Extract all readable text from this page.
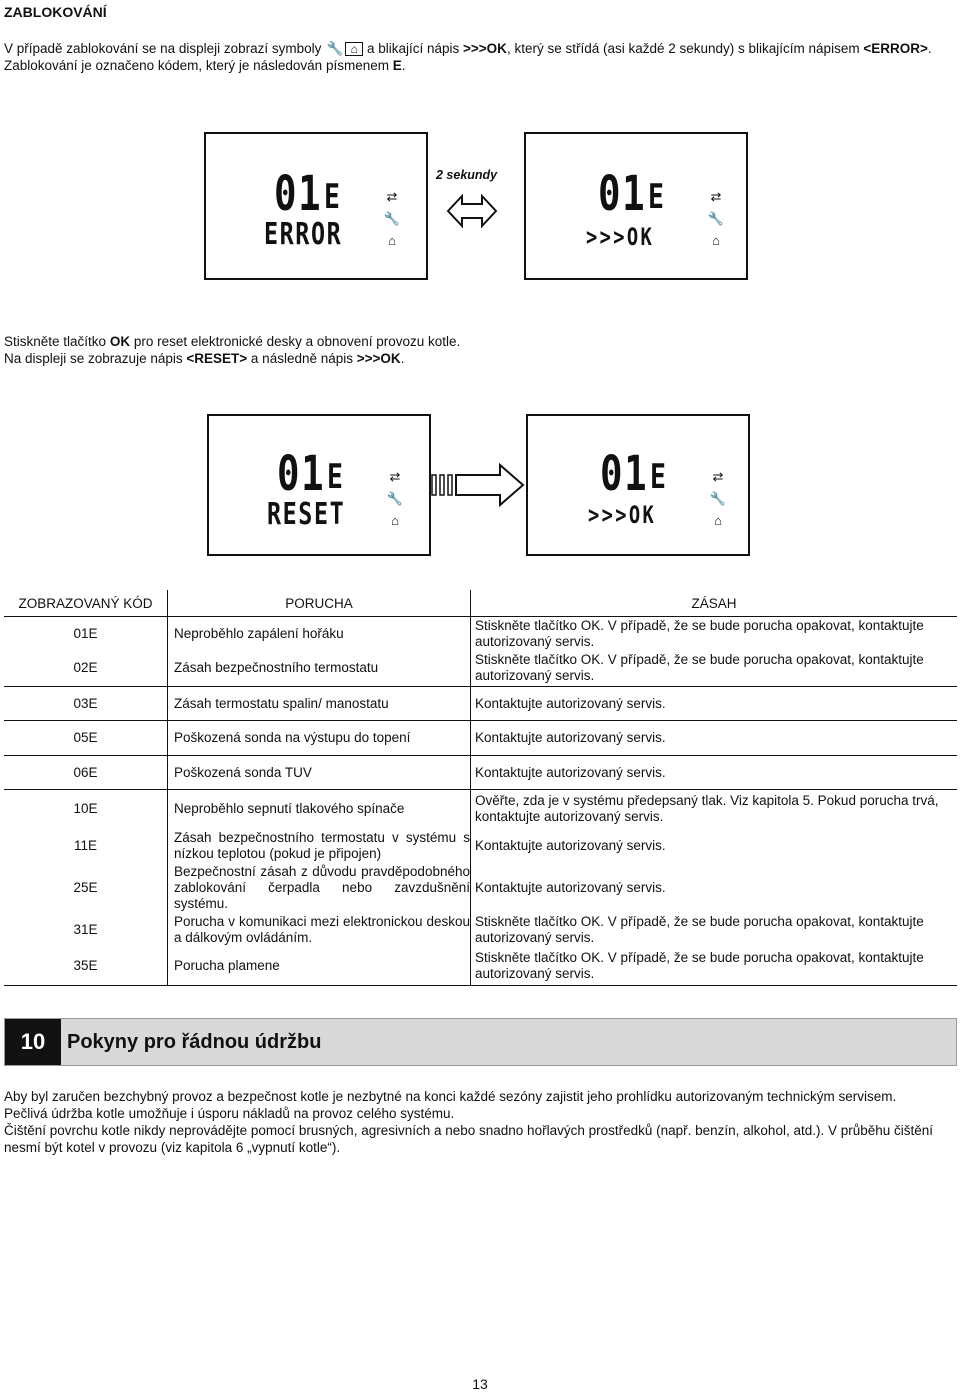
ZABLOKOVÁNÍ
V případě zablokování se na displeji zobrazí symboly 🔧 ⌂ a blikající nápis >>>OK, který se střídá (asi každé 2 sekundy) s blikajícím nápisem <ERROR>.
Zablokování je označeno kódem, který je následován písmenem E.
01 E
ERROR
⇄
🔧
⌂
2 sekundy 01 E
>>>OK
⇄
🔧
⌂
Stiskněte tlačítko OK pro reset elektronické desky a obnovení provozu kotle.
Na displeji se zobrazuje nápis <RESET> a následně nápis >>>OK.
01 E
RESET
⇄
🔧
⌂
01 E
>>>OK
⇄
🔧
⌂
ZOBRAZOVANÝ KÓD	PORUCHA	ZÁSAH
01E	Neproběhlo zapálení hořáku	Stiskněte tlačítko OK. V případě, že se bude porucha opakovat, kontaktujte autorizovaný servis.
02E	Zásah bezpečnostního termostatu	Stiskněte tlačítko OK. V případě, že se bude porucha opakovat, kontaktujte autorizovaný servis.
03E	Zásah termostatu spalin/ manostatu	Kontaktujte autorizovaný servis.
05E	Poškozená sonda na výstupu do topení	Kontaktujte autorizovaný servis.
06E	Poškozená sonda TUV	Kontaktujte autorizovaný servis.
10E	Neproběhlo sepnutí tlakového spínače	Ověřte, zda je v systému předepsaný tlak. Viz kapitola 5. Pokud porucha trvá, kontaktujte autorizovaný servis.
11E	Zásah bezpečnostního termostatu v systému s nízkou teplotou (pokud je připojen)	Kontaktujte autorizovaný servis.
25E	Bezpečnostní zásah z důvodu pravděpodobného zablokování čerpadla nebo zavzdušnění systému.	Kontaktujte autorizovaný servis.
31E	Porucha v komunikaci mezi elektronickou deskou a dálkovým ovládáním.	Stiskněte tlačítko OK. V případě, že se bude porucha opakovat, kontaktujte autorizovaný servis.
35E	Porucha plamene	Stiskněte tlačítko OK. V případě, že se bude porucha opakovat, kontaktujte autorizovaný servis.
10	Pokyny pro řádnou údržbu
Aby byl zaručen bezchybný provoz a bezpečnost kotle je nezbytné na konci každé sezóny zajistit jeho prohlídku autorizovaným technickým servisem.
Pečlivá údržba kotle umožňuje i úsporu nákladů na provoz celého systému.
Čištění povrchu kotle nikdy neprovádějte pomocí brusných, agresivních a nebo snadno hořlavých prostředků (např. benzín, alkohol, atd.). V průběhu čištění nesmí být kotel v provozu (viz kapitola 6 „vypnutí kotle“).
13
